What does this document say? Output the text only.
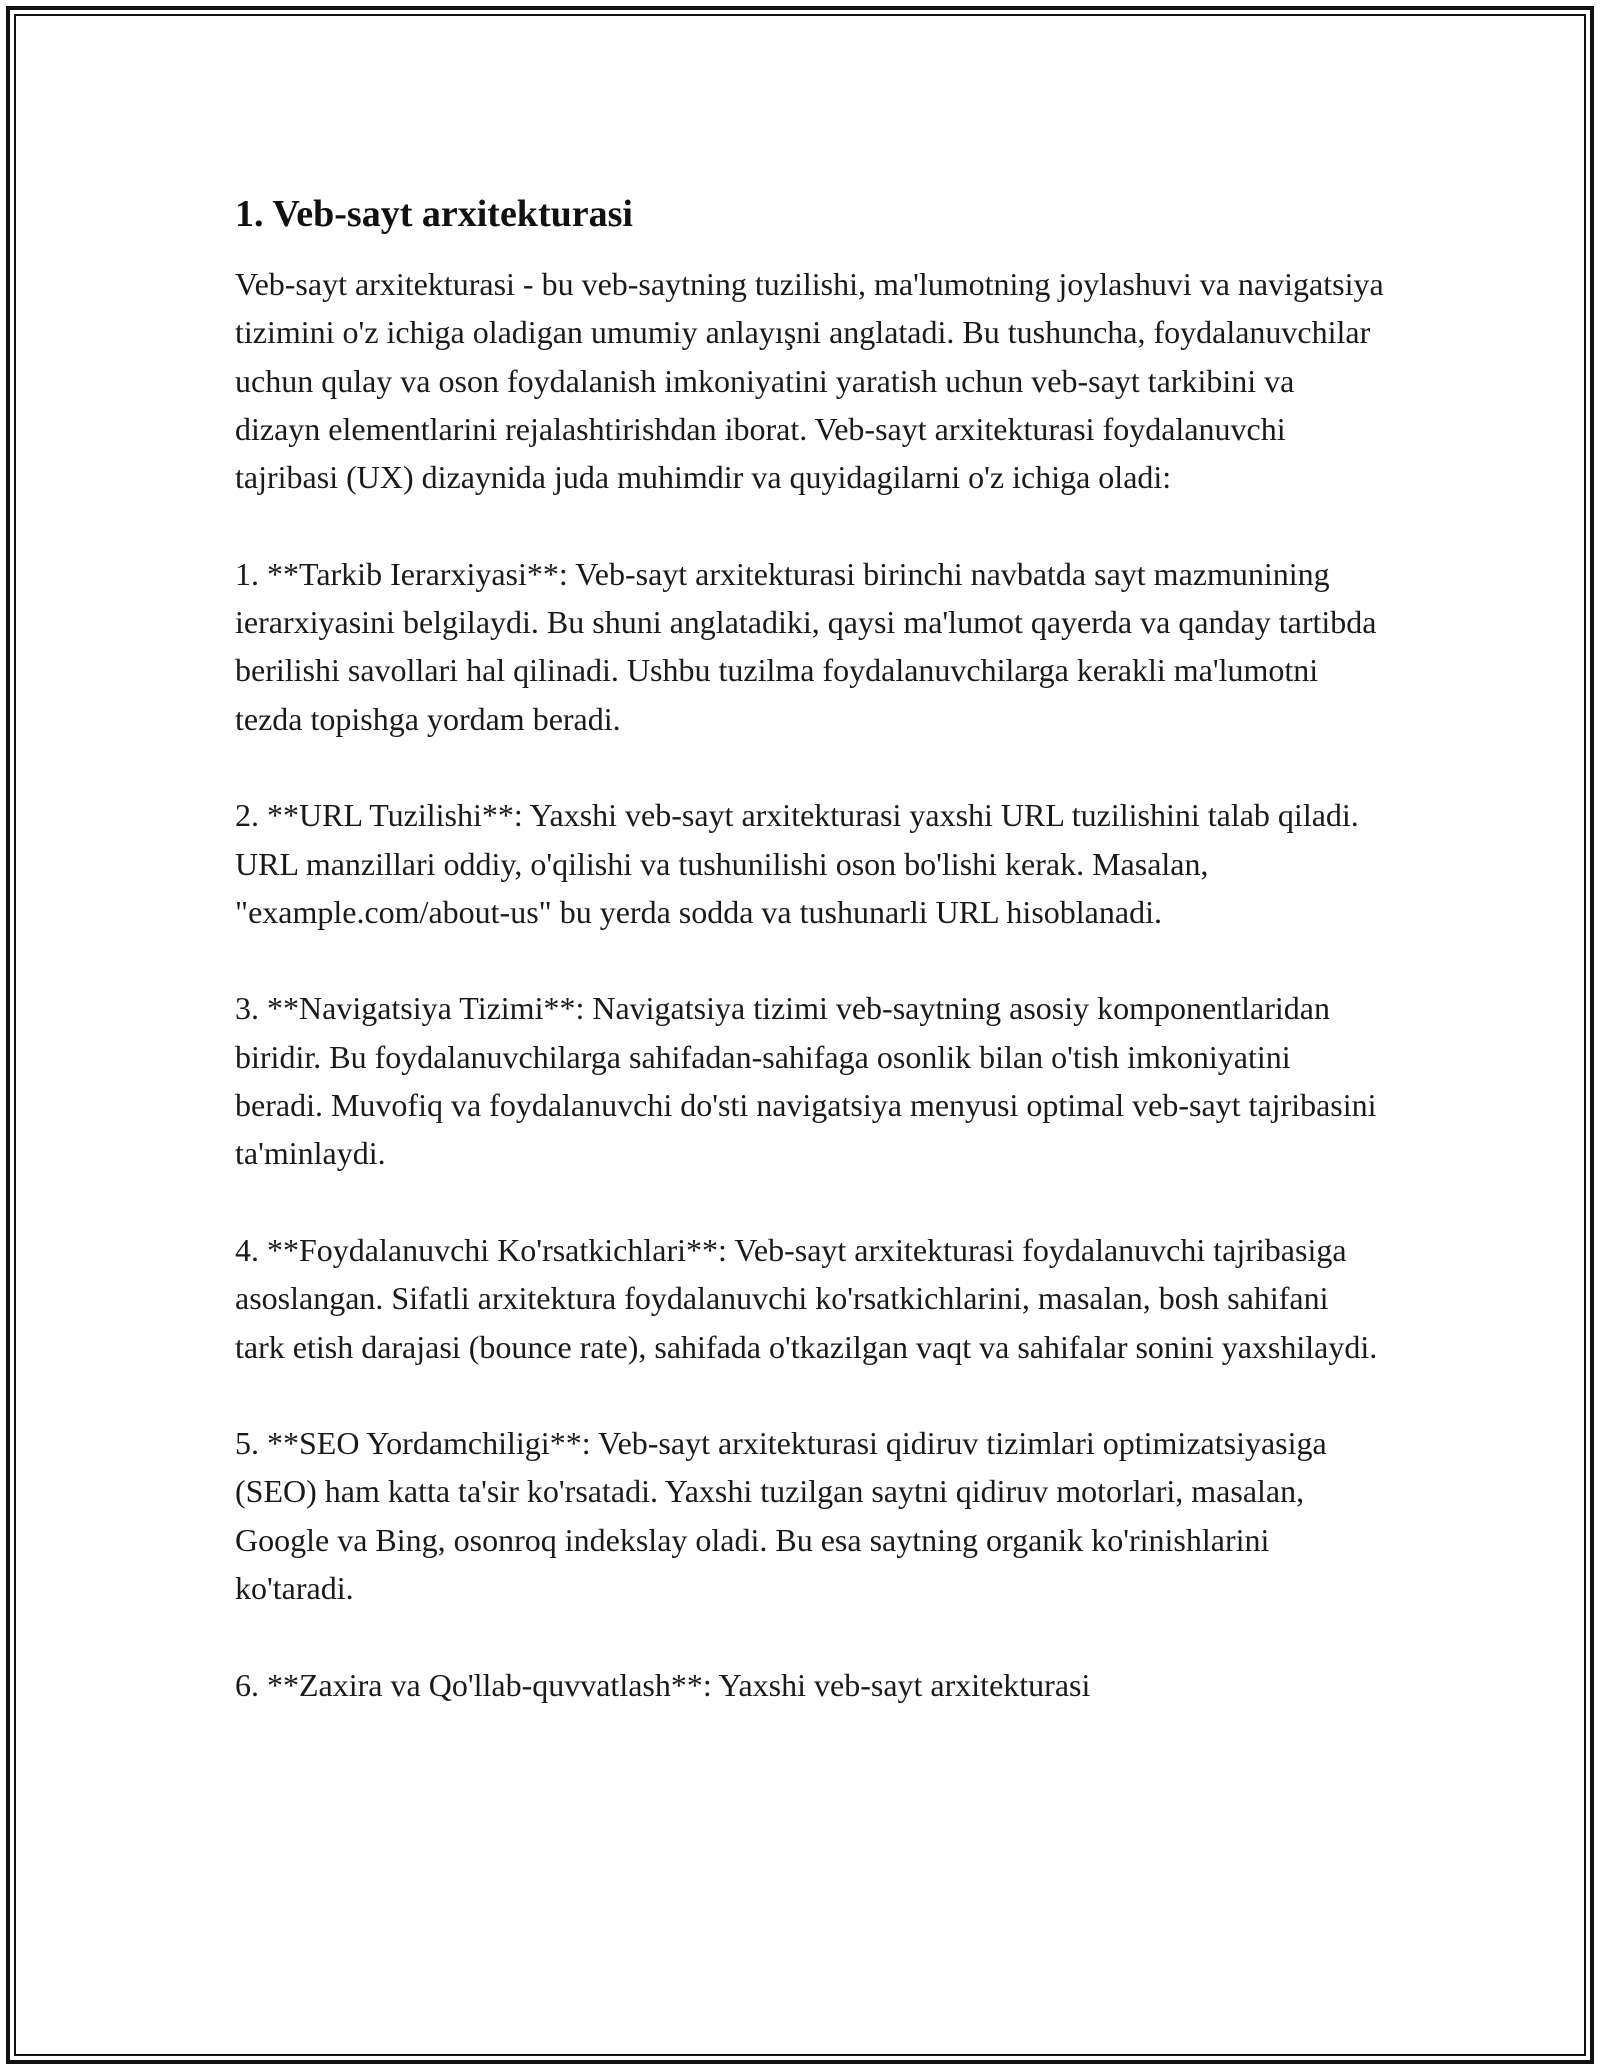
1. Veb-sayt arxitekturasi

Veb-sayt arxitekturasi - bu veb-saytning tuzilishi, ma'lumotning joylashuvi va navigatsiya tizimini o'z ichiga oladigan umumiy anlayışni anglatadi. Bu tushuncha, foydalanuvchilar uchun qulay va oson foydalanish imkoniyatini yaratish uchun veb-sayt tarkibini va dizayn elementlarini rejalashtirishdan iborat. Veb-sayt arxitekturasi foydalanuvchi tajribasi (UX) dizaynida juda muhimdir va quyidagilarni o'z ichiga oladi:

1. **Tarkib Ierarxiyasi**: Veb-sayt arxitekturasi birinchi navbatda sayt mazmunining ierarxiyasini belgilaydi. Bu shuni anglatadiki, qaysi ma'lumot qayerda va qanday tartibda berilishi savollari hal qilinadi. Ushbu tuzilma foydalanuvchilarga kerakli ma'lumotni tezda topishga yordam beradi.

2. **URL Tuzilishi**: Yaxshi veb-sayt arxitekturasi yaxshi URL tuzilishini talab qiladi. URL manzillari oddiy, o'qilishi va tushunilishi oson bo'lishi kerak. Masalan, "example.com/about-us" bu yerda sodda va tushunarli URL hisoblanadi.

3. **Navigatsiya Tizimi**: Navigatsiya tizimi veb-saytning asosiy komponentlaridan biridir. Bu foydalanuvchilarga sahifadan-sahifaga osonlik bilan o'tish imkoniyatini beradi. Muvofiq va foydalanuvchi do'sti navigatsiya menyusi optimal veb-sayt tajribasini ta'minlaydi.

4. **Foydalanuvchi Ko'rsatkichlari**: Veb-sayt arxitekturasi foydalanuvchi tajribasiga asoslangan. Sifatli arxitektura foydalanuvchi ko'rsatkichlarini, masalan, bosh sahifani tark etish darajasi (bounce rate), sahifada o'tkazilgan vaqt va sahifalar sonini yaxshilaydi.

5. **SEO Yordamchiligi**: Veb-sayt arxitekturasi qidiruv tizimlari optimizatsiyasiga (SEO) ham katta ta'sir ko'rsatadi. Yaxshi tuzilgan saytni qidiruv motorlari, masalan, Google va Bing, osonroq indekslay oladi. Bu esa saytning organik ko'rinishlarini ko'taradi.

6. **Zaxira va Qo'llab-quvvatlash**: Yaxshi veb-sayt arxitekturasi
